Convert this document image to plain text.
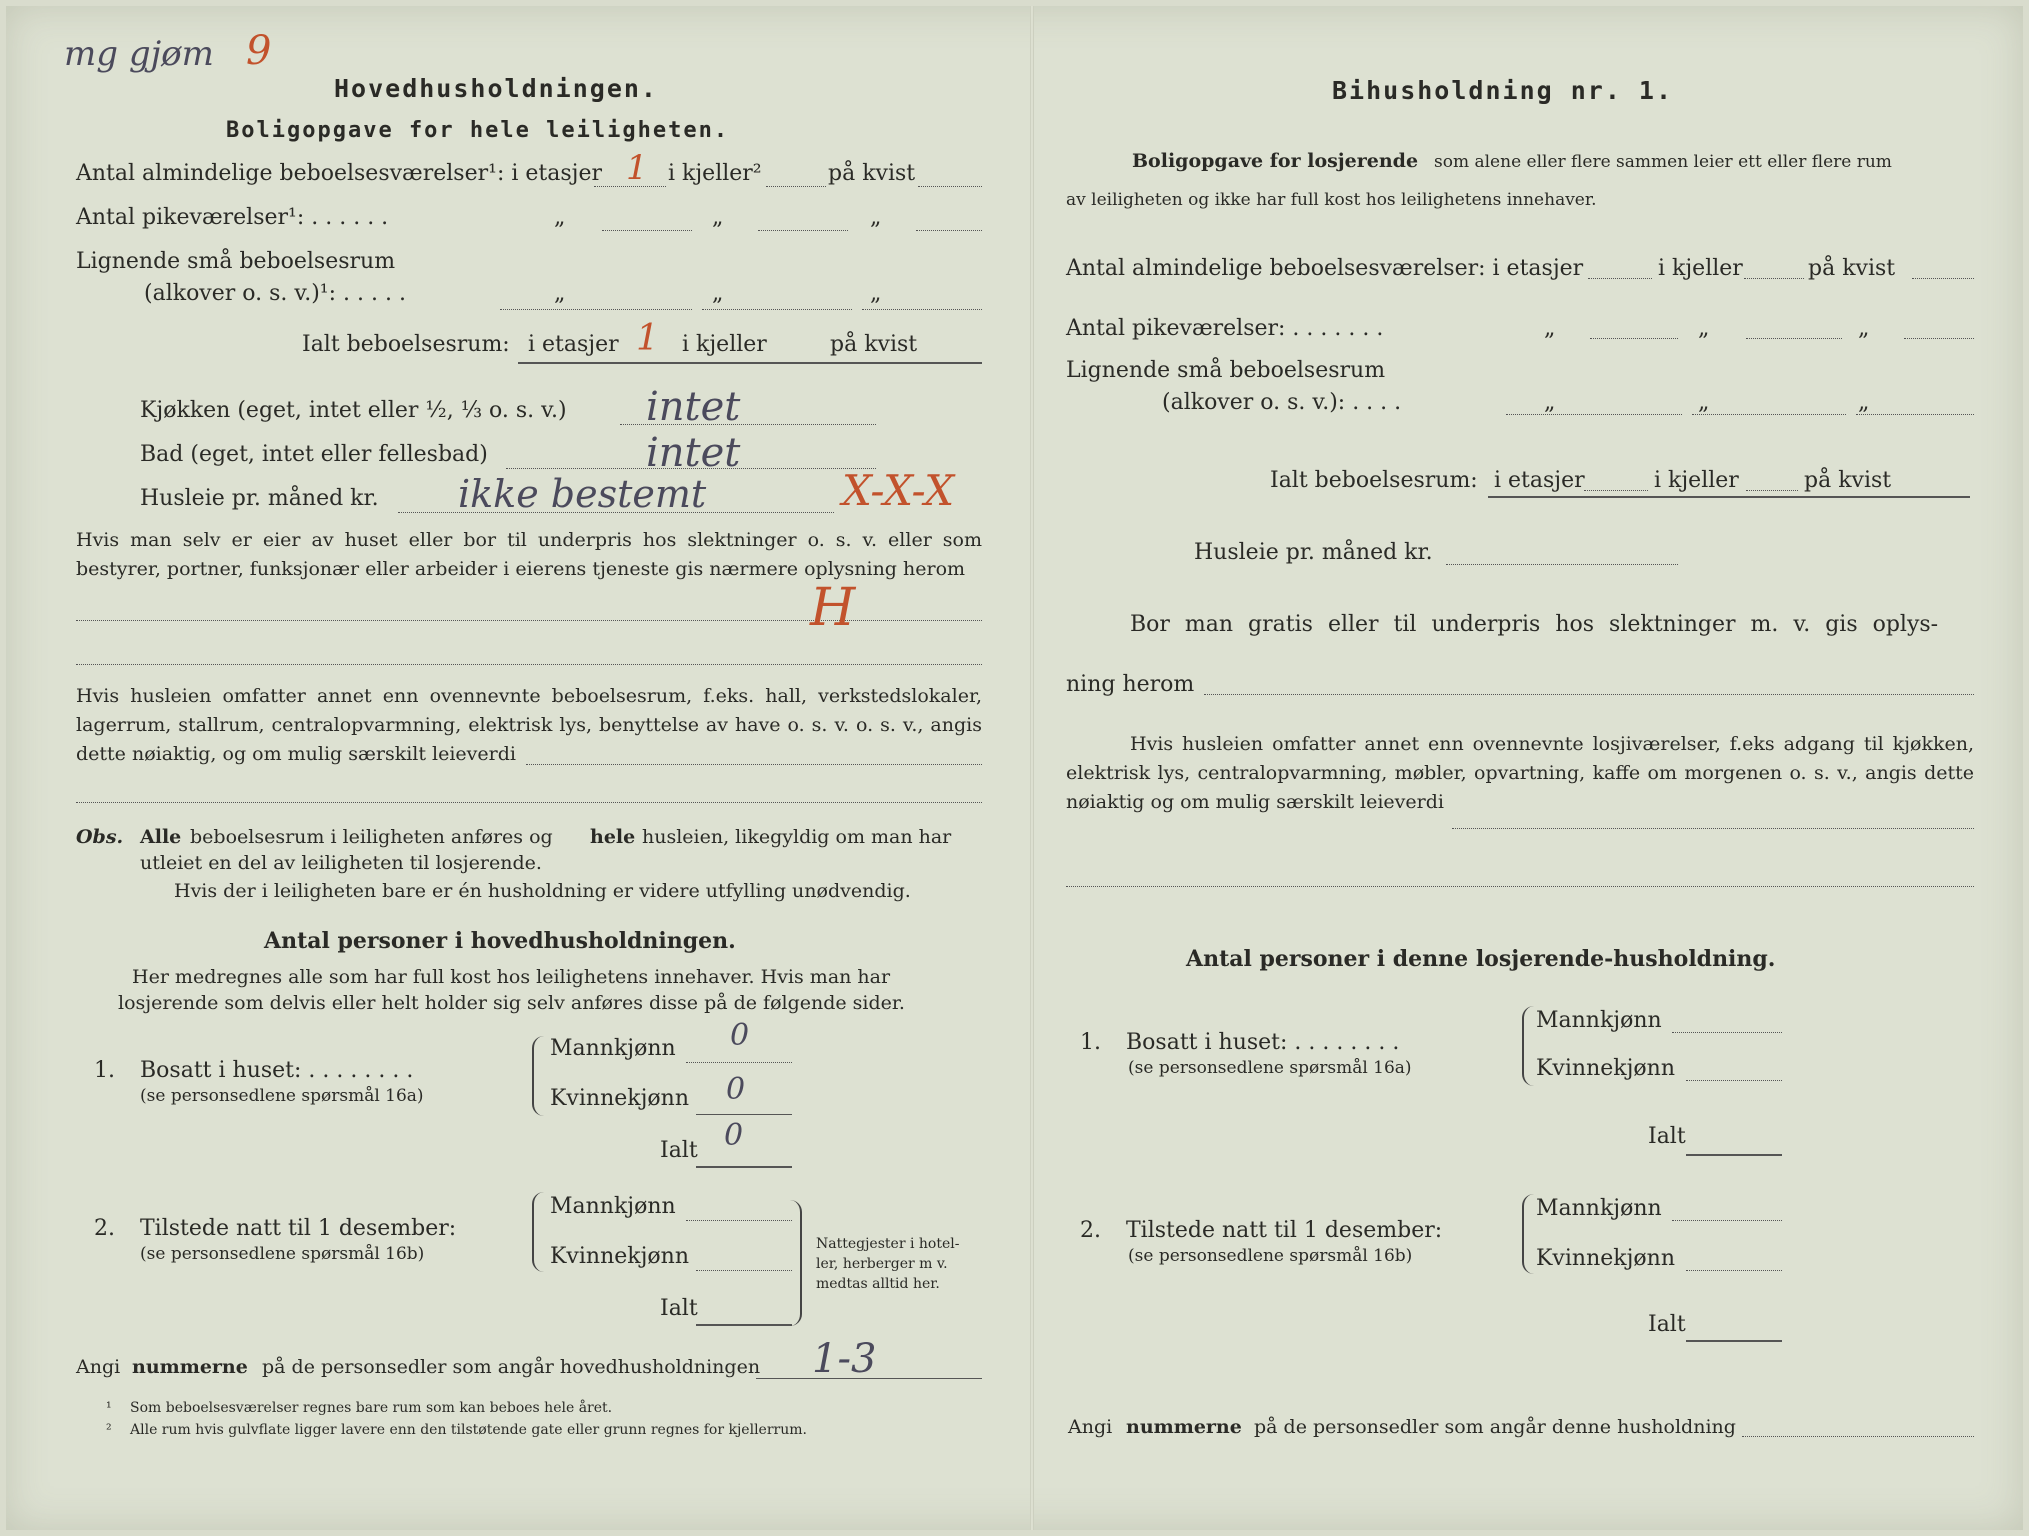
mg gjøm 9
Hovedhusholdningen.
Boligopgave for hele leiligheten.
Antal almindelige beboelsesværelser¹: i etasjer 1 i kjeller²	på kvist
Antal pikeværelser¹: . . . . . .	„	„	„
Lignende små beboelsesrum
(alkover o. s. v.)¹: . . . . .	„	„	„
Ialt beboelsesrum: i etasjer 1 i kjeller	på kvist
Kjøkken (eget, intet eller ½, ⅓ o. s. v.) intet
Bad (eget, intet eller fellesbad)	intet
Husleie pr. måned kr. ikke bestemt	X-X-X
Hvis man selv er eier av huset eller bor til underpris hos slektninger o. s. v. eller som bestyrer, portner, funksjonær eller arbeider i eierens tjeneste gis nærmere oplysning herom
H
Hvis husleien omfatter annet enn ovennevnte beboelsesrum, f.eks. hall, verkstedslokaler, lagerrum, stallrum, centralopvarmning, elektrisk lys, benyttelse av have o. s. v. o. s. v., angis dette nøiaktig, og om mulig særskilt leieverdi
Obs. Alle beboelsesrum i leiligheten anføres og hele husleien, likegyldig om man har
utleiet en del av leiligheten til losjerende.
Hvis der i leiligheten bare er én husholdning er videre utfylling unødvendig.
Antal personer i hovedhusholdningen.
Her medregnes alle som har full kost hos leilighetens innehaver. Hvis man har
losjerende som delvis eller helt holder sig selv anføres disse på de følgende sider.
1. Bosatt i huset: . . . . . . . .
(se personsedlene spørsmål 16a)
Mannkjønn 0
Kvinnekjønn 0
Ialt 0
2. Tilstede natt til 1 desember:
(se personsedlene spørsmål 16b)
Mannkjønn
Kvinnekjønn
Ialt
Nattegjester i hotel-
ler, herberger m v.
medtas alltid her.
Angi nummerne på de personsedler som angår hovedhusholdningen 1-3
¹ Som beboelsesværelser regnes bare rum som kan beboes hele året.
² Alle rum hvis gulvflate ligger lavere enn den tilstøtende gate eller grunn regnes for kjellerrum.
Bihusholdning nr. 1.
Boligopgave for losjerende som alene eller flere sammen leier ett eller flere rum
av leiligheten og ikke har full kost hos leilighetens innehaver.
Antal almindelige beboelsesværelser: i etasjer	i kjeller	på kvist
Antal pikeværelser: . . . . . . .	„	„	„
Lignende små beboelsesrum
(alkover o. s. v.): . . . .	„	„	„
Ialt beboelsesrum: i etasjer	i kjeller	på kvist
Husleie pr. måned kr.
Bor man gratis eller til underpris hos slektninger m. v. gis oplys-
ning herom
Hvis husleien omfatter annet enn ovennevnte losjiværelser, f.eks adgang til kjøkken, elektrisk lys, centralopvarmning, møbler, opvartning, kaffe om morgenen o. s. v., angis dette nøiaktig og om mulig særskilt leieverdi
Antal personer i denne losjerende-husholdning.
1. Bosatt i huset: . . . . . . . .
(se personsedlene spørsmål 16a)
Mannkjønn
Kvinnekjønn
Ialt
2. Tilstede natt til 1 desember:
(se personsedlene spørsmål 16b)
Mannkjønn
Kvinnekjønn
Ialt
Angi nummerne på de personsedler som angår denne husholdning
